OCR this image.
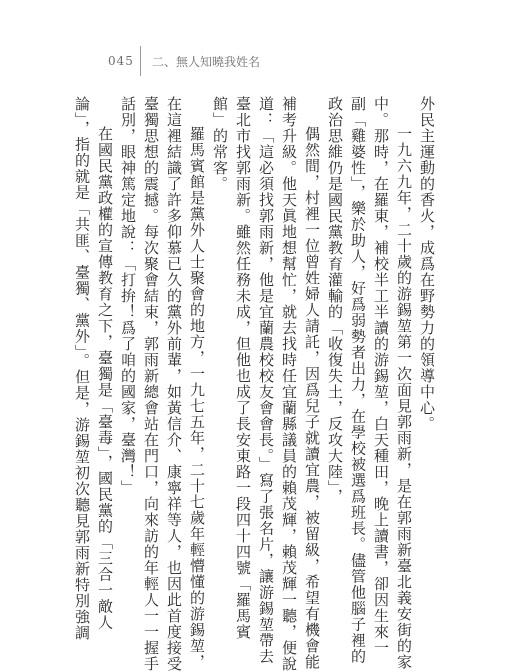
045 二、無人知曉我姓名
外民主運動的香火，成爲在野勢力的領導中心。
一九六九年，二十歲的游錫堃第一次面見郭雨新，是在郭雨新臺北義安街的家
中。那時，在羅東，補校半工半讀的游錫堃，白天種田，晚上讀書，卻因生來一
副「雞婆性」，樂於助人，好爲弱勢者出力，在學校被選爲班長。儘管他腦子裡的
政治思維仍是國民黨教育灌輸的「收復失土，反攻大陸」，
偶然間，村裡一位曾姓婦人請託，因爲兒子就讀宜農，被留級，希望有機會能
補考升級。他天眞地想幫忙，就去找時任宜蘭縣議員的賴茂輝，賴茂輝一聽，便說
道：「這必須找郭雨新，他是宜蘭農校校友會會長。」寫了張名片，讓游錫堃帶去
臺北市找郭雨新。雖然任務未成，但他也成了長安東路一段四十四號「羅馬賓
館」的常客。
羅馬賓館是黨外人士聚會的地方，一九七五年，二十七歲年輕懵懂的游錫堃，
在這裡結識了許多仰慕已久的黨外前輩，如黃信介、康寧祥等人，也因此首度接受
臺獨思想的震撼。每次聚會結束，郭雨新總會站在門口，向來訪的年輕人一一握手
話別，眼神篤定地說：「打拚！爲了咱的國家，臺灣！」
在國民黨政權的宣傳教育之下，臺獨是「臺毒」，國民黨的「三合一敵人
論」，指的就是「共匪、臺獨、黨外」。但是，游錫堃初次聽見郭雨新特別強調
